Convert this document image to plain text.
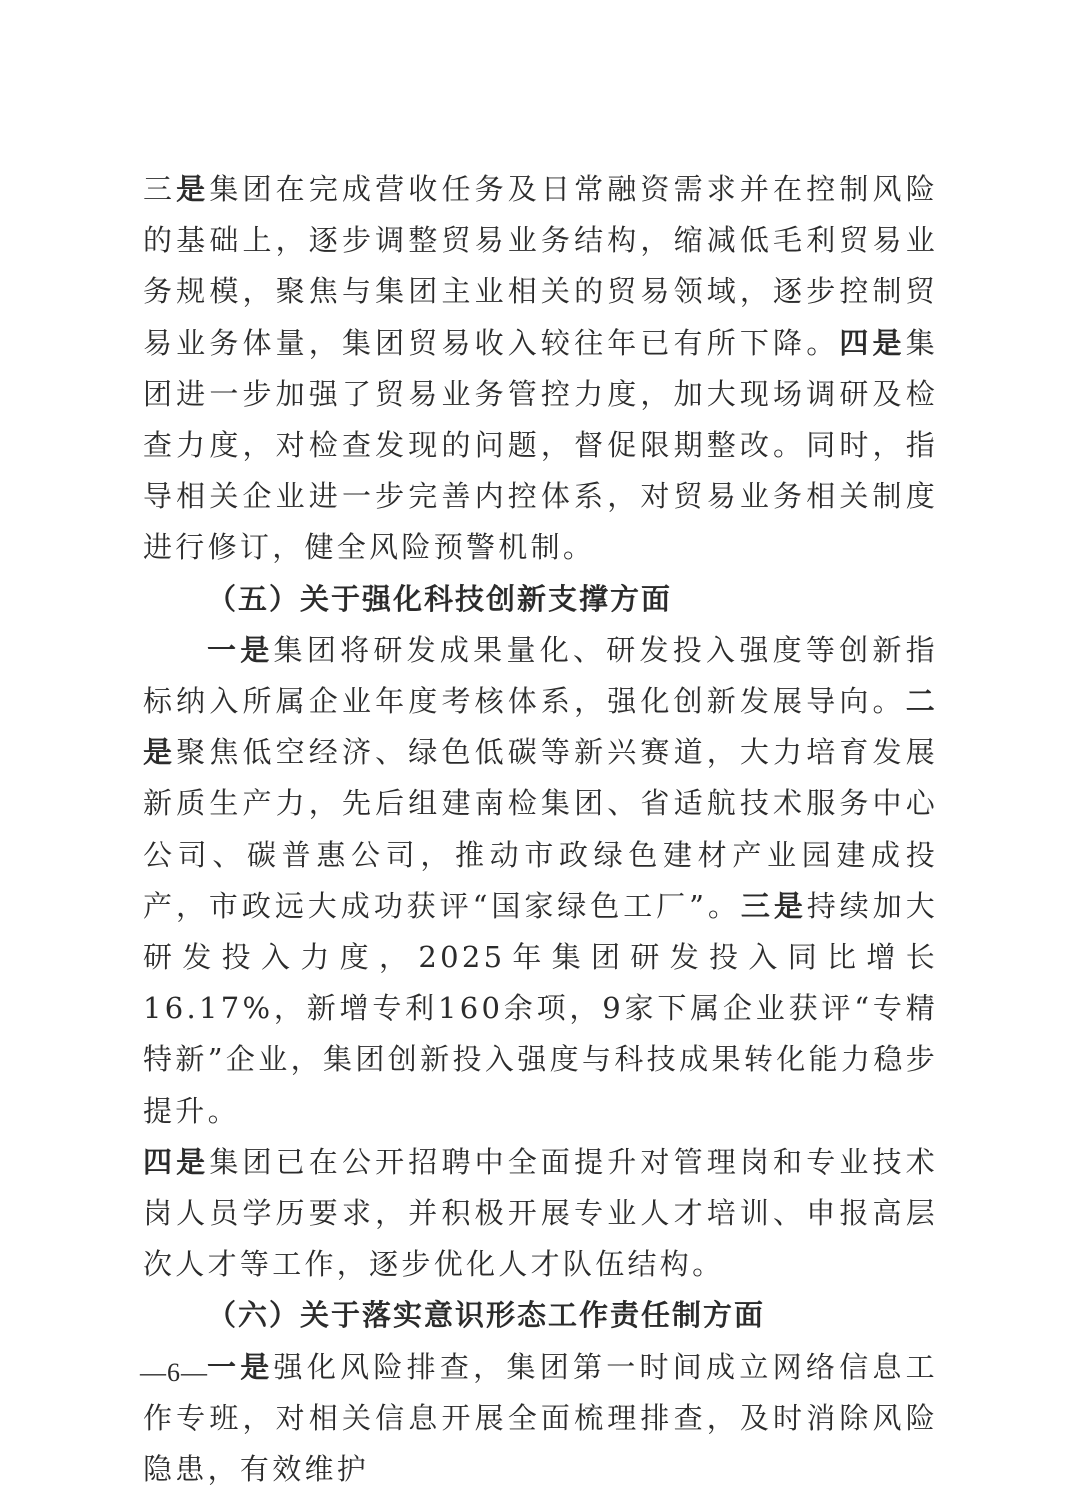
三是集团在完成营收任务及日常融资需求并在控制风险的基础上，逐步调整贸易业务结构，缩减低毛利贸易业务规模，聚焦与集团主业相关的贸易领域，逐步控制贸易业务体量，集团贸易收入较往年已有所下降。四是集团进一步加强了贸易业务管控力度，加大现场调研及检查力度，对检查发现的问题，督促限期整改。同时，指导相关企业进一步完善内控体系，对贸易业务相关制度进行修订，健全风险预警机制。

（五）关于强化科技创新支撑方面

一是集团将研发成果量化、研发投入强度等创新指标纳入所属企业年度考核体系，强化创新发展导向。二是聚焦低空经济、绿色低碳等新兴赛道，大力培育发展新质生产力，先后组建南检集团、省适航技术服务中心公司、碳普惠公司，推动市政绿色建材产业园建成投产，市政远大成功获评“国家绿色工厂”。三是持续加大研发投入力度，2025年集团研发投入同比增长16.17%，新增专利160余项，9家下属企业获评“专精特新”企业，集团创新投入强度与科技成果转化能力稳步提升。

四是集团已在公开招聘中全面提升对管理岗和专业技术岗人员学历要求，并积极开展专业人才培训、申报高层次人才等工作，逐步优化人才队伍结构。

（六）关于落实意识形态工作责任制方面

一是强化风险排查，集团第一时间成立网络信息工作专班，对相关信息开展全面梳理排查，及时消除风险隐患，有效维护

—6—
